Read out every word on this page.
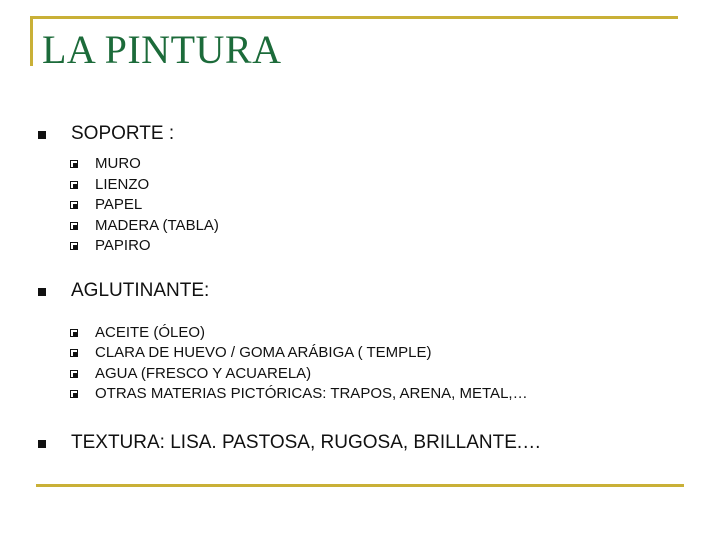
LA PINTURA
SOPORTE :
MURO
LIENZO
PAPEL
MADERA (TABLA)
PAPIRO
AGLUTINANTE:
ACEITE (ÓLEO)
CLARA DE HUEVO / GOMA ARÁBIGA ( TEMPLE)
AGUA (FRESCO Y ACUARELA)
OTRAS MATERIAS PICTÓRICAS: TRAPOS, ARENA, METAL,…
TEXTURA: LISA. PASTOSA, RUGOSA, BRILLANTE.…
